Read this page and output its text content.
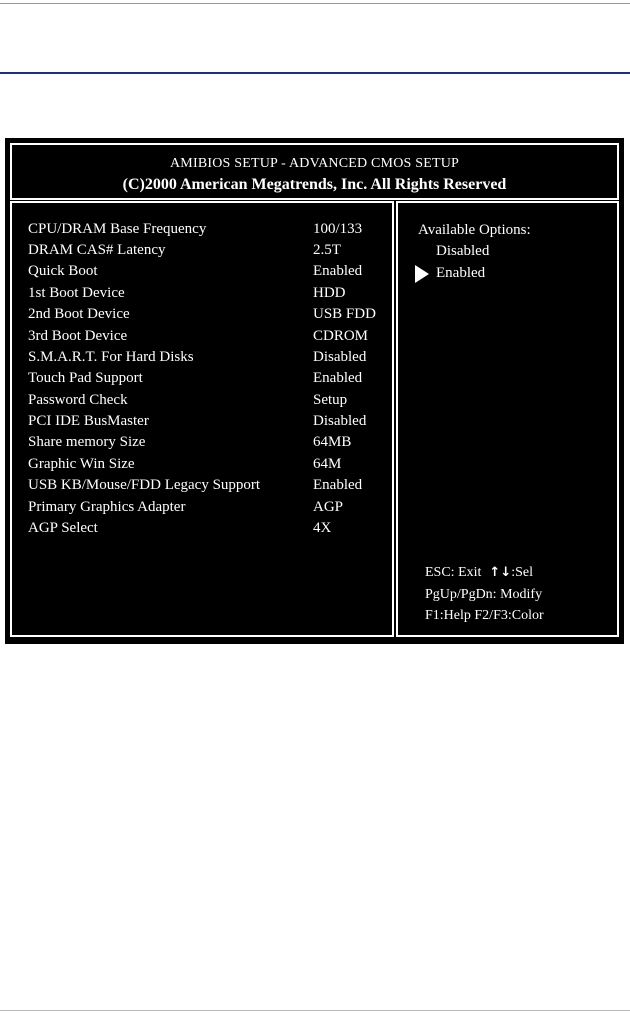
AMIBIOS SETUP - ADVANCED CMOS SETUP
(C)2000 American Megatrends, Inc. All Rights Reserved
CPU/DRAM Base Frequency	100/133
DRAM CAS# Latency	2.5T
Quick Boot	Enabled
1st Boot Device	HDD
2nd Boot Device	USB FDD
3rd Boot Device	CDROM
S.M.A.R.T. For Hard Disks	Disabled
Touch Pad Support	Enabled
Password Check	Setup
PCI IDE BusMaster	Disabled
Share memory Size	64MB
Graphic Win Size	64M
USB KB/Mouse/FDD Legacy Support	Enabled
Primary Graphics Adapter	AGP
AGP Select	4X
Available Options:
Disabled
Enabled
ESC: Exit  ↑↓:Sel
PgUp/PgDn: Modify
F1:Help F2/F3:Color
